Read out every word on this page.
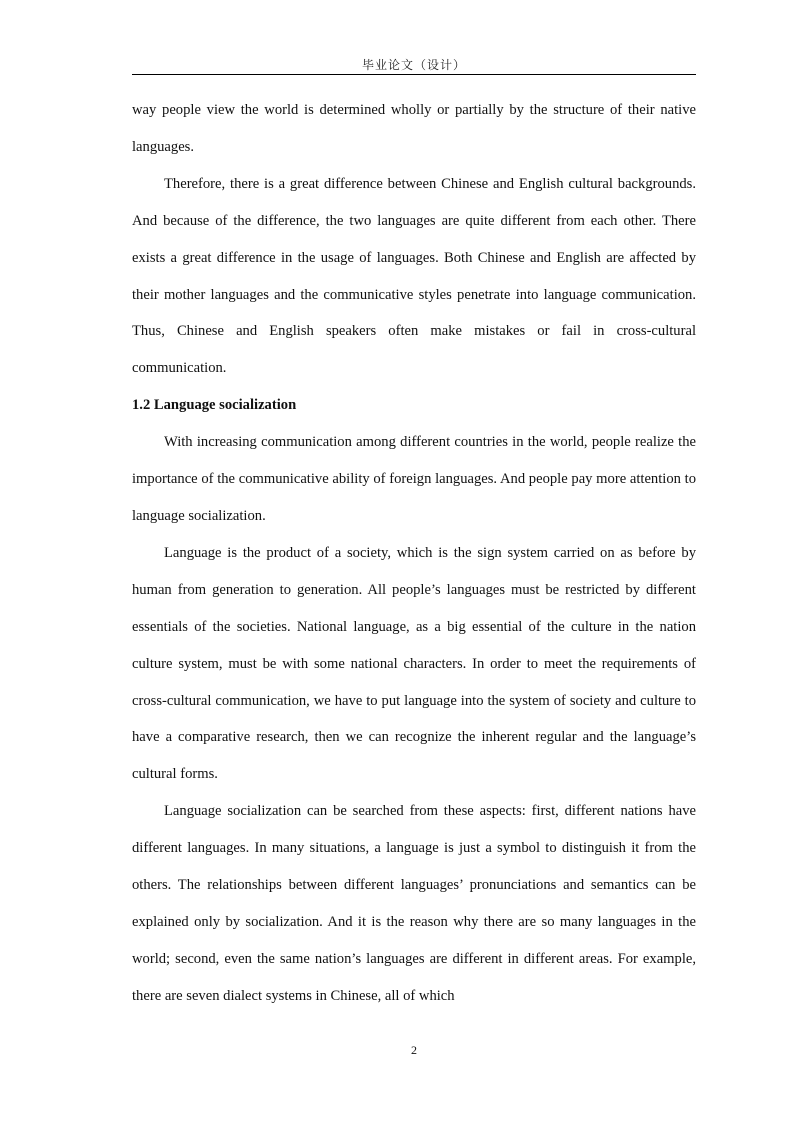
毕业论文（设计）

way people view the world is determined wholly or partially by the structure of their native languages.

Therefore, there is a great difference between Chinese and English cultural backgrounds. And because of the difference, the two languages are quite different from each other. There exists a great difference in the usage of languages. Both Chinese and English are affected by their mother languages and the communicative styles penetrate into language communication. Thus, Chinese and English speakers often make mistakes or fail in cross-cultural communication.

1.2 Language socialization

With increasing communication among different countries in the world, people realize the importance of the communicative ability of foreign languages. And people pay more attention to language socialization.

Language is the product of a society, which is the sign system carried on as before by human from generation to generation. All people’s languages must be restricted by different essentials of the societies. National language, as a big essential of the culture in the nation culture system, must be with some national characters. In order to meet the requirements of cross-cultural communication, we have to put language into the system of society and culture to have a comparative research, then we can recognize the inherent regular and the language’s cultural forms.

Language socialization can be searched from these aspects: first, different nations have different languages. In many situations, a language is just a symbol to distinguish it from the others. The relationships between different languages’ pronunciations and semantics can be explained only by socialization. And it is the reason why there are so many languages in the world; second, even the same nation’s languages are different in different areas. For example, there are seven dialect systems in Chinese, all of which

2
